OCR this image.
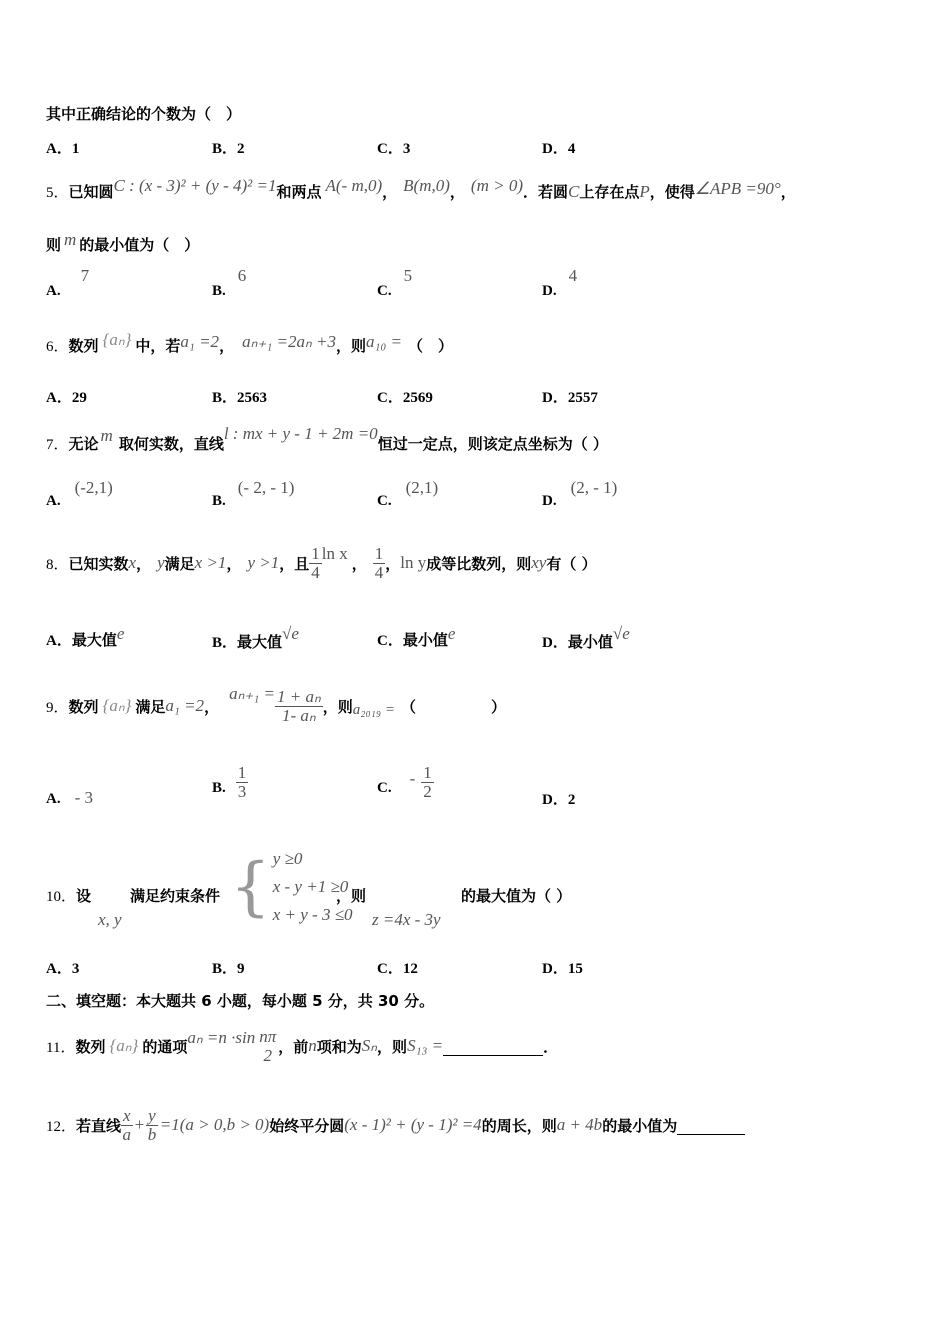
其中正确结论的个数为（　）
A．1	B．2	C．3	D．4
5．已知圆C : (x - 3)² + (y - 4)² =1和两点 A(- m,0)， B(m,0)， (m > 0)．若圆C上存在点P，使得∠APB =90°，
则 m 的最小值为（　）
A.7
B.6
C.5
D.4
6．数列 {aₙ} 中，若a₁ =2， aₙ₊₁ =2aₙ +3，则a₁₀ = （　）
A．29	B．2563	C．2569	D．2557
7．无论 m 取何实数，直线l : mx + y - 1 + 2m =0恒过一定点，则该定点坐标为（ ）
A.(-2,1)
B.(- 2, - 1)
C.(2,1)
D.(2, - 1)
8． 已知实数 x ， y 满足 x >1 ， y >1 ，且 $\frac{1}{4}$ ln x
， $\frac{1}{4}$ ， ln y 成等比数列，则 xy 有（ ）
A．最大值e	B．最大值√e	C．最小值e	D．最小值√e
9． 数列 {aₙ} 满足 a₁ =2 ，
$a_{n+1} = \frac{\text{1 + aₙ}}{\text{1- aₙ}}$ ，则 a₂₀₁₉ = （　　　　　）
A. - 3
B. $\frac{1}{3}$	C. - $\frac{1}{2}$	D．2
10．设
x, y
满足约束条件 { y ≥0
x - y +1 ≥0
x + y - 3 ≤0
，则
z =4x - 3y
的最大值为（ ）
A．3	B．9	C．12	D．15
二、填空题：本大题共 6 小题，每小题 5 分，共 30 分。
11． 数列 {aₙ} 的通项 $a_n =n \cdot\sin \frac{n\pi}{2}$ ，前 n 项和为 Sₙ ，则 S₁₃ =	．
12． 若直线 $\frac{x}{a} + \frac{y}{b} =1(a > 0,b > 0)$ 始终平分圆 (x - 1)² + (y - 1)² =4 的周长，则 a + 4b 的最小值为
